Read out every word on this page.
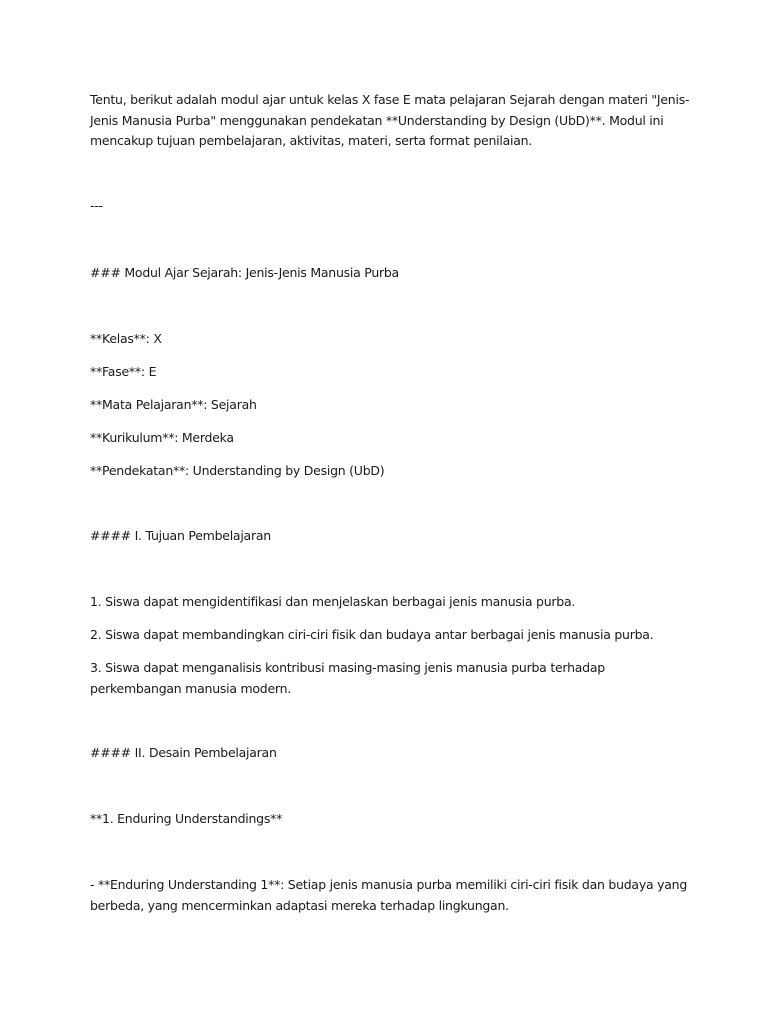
Tentu, berikut adalah modul ajar untuk kelas X fase E mata pelajaran Sejarah dengan materi "Jenis-Jenis Manusia Purba" menggunakan pendekatan **Understanding by Design (UbD)**. Modul ini mencakup tujuan pembelajaran, aktivitas, materi, serta format penilaian.

---

### Modul Ajar Sejarah: Jenis-Jenis Manusia Purba

**Kelas**: X

**Fase**: E

**Mata Pelajaran**: Sejarah

**Kurikulum**: Merdeka

**Pendekatan**: Understanding by Design (UbD)

#### I. Tujuan Pembelajaran

1. Siswa dapat mengidentifikasi dan menjelaskan berbagai jenis manusia purba.

2. Siswa dapat membandingkan ciri-ciri fisik dan budaya antar berbagai jenis manusia purba.

3. Siswa dapat menganalisis kontribusi masing-masing jenis manusia purba terhadap perkembangan manusia modern.

#### II. Desain Pembelajaran

**1. Enduring Understandings**

- **Enduring Understanding 1**: Setiap jenis manusia purba memiliki ciri-ciri fisik dan budaya yang berbeda, yang mencerminkan adaptasi mereka terhadap lingkungan.
